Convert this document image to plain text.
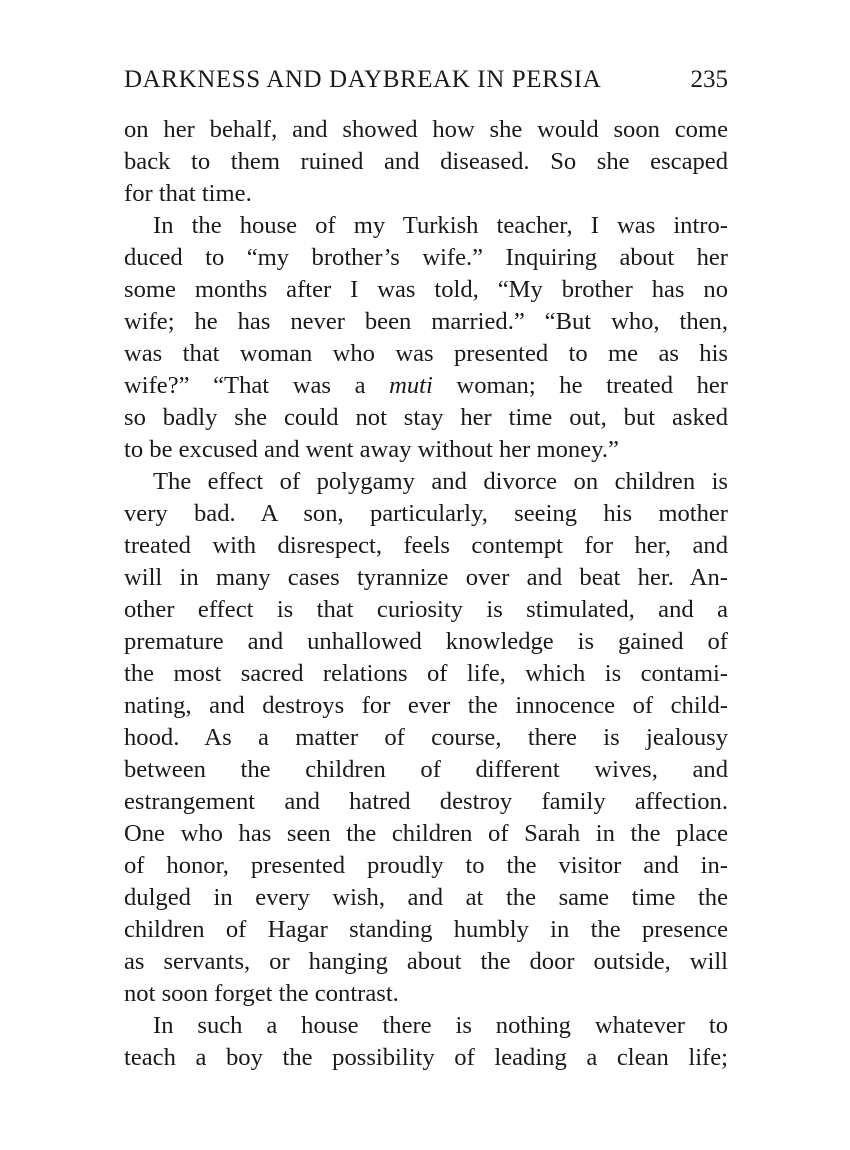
DARKNESS AND DAYBREAK IN PERSIA	235
on her behalf, and showed how she would soon come
back to them ruined and diseased. So she escaped
for that time.
In the house of my Turkish teacher, I was intro-
duced to “my brother’s wife.” Inquiring about her
some months after I was told, “My brother has no
wife; he has never been married.” “But who, then,
was that woman who was presented to me as his
wife?” “That was a muti woman; he treated her
so badly she could not stay her time out, but asked
to be excused and went away without her money.”
The effect of polygamy and divorce on children is
very bad. A son, particularly, seeing his mother
treated with disrespect, feels contempt for her, and
will in many cases tyrannize over and beat her. An-
other effect is that curiosity is stimulated, and a
premature and unhallowed knowledge is gained of
the most sacred relations of life, which is contami-
nating, and destroys for ever the innocence of child-
hood. As a matter of course, there is jealousy
between the children of different wives, and
estrangement and hatred destroy family affection.
One who has seen the children of Sarah in the place
of honor, presented proudly to the visitor and in-
dulged in every wish, and at the same time the
children of Hagar standing humbly in the presence
as servants, or hanging about the door outside, will
not soon forget the contrast.
In such a house there is nothing whatever to
teach a boy the possibility of leading a clean life;
